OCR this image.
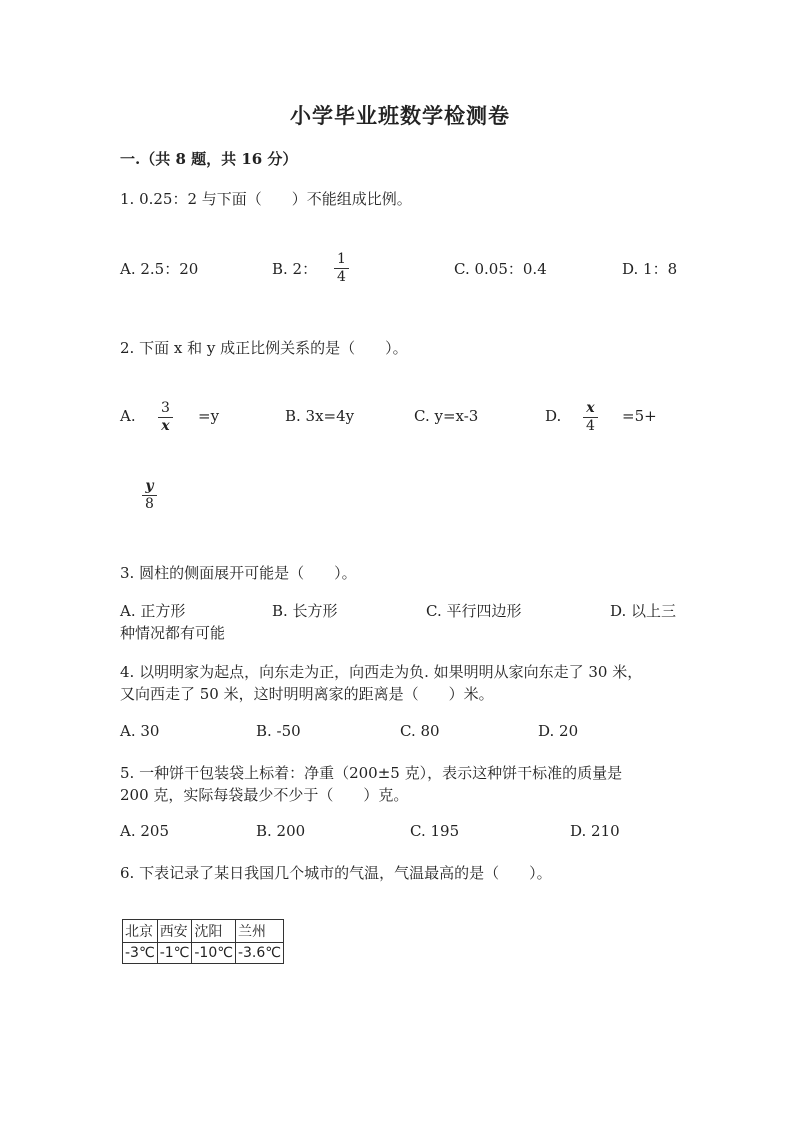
小学毕业班数学检测卷
一.（共 8 题，共 16 分）
1. 0.25：2 与下面（　　）不能组成比例。
A. 2.5：20	B. 2： $\frac{1}{4}$	C. 0.05：0.4	D. 1：8
2. 下面 x 和 y 成正比例关系的是（　　）。
A. $\frac{3}{x} =y$	B. 3x=4y	C. y=x-3	D. $\frac{x}{4} =5+$
$\frac{y}{8}$
3. 圆柱的侧面展开可能是（　　）。
A. 正方形	B. 长方形	C. 平行四边形	D. 以上三
种情况都有可能
4. 以明明家为起点，向东走为正，向西走为负. 如果明明从家向东走了 30 米，
又向西走了 50 米，这时明明离家的距离是（　　）米。
A. 30	B. -50	C. 80	D. 20
5. 一种饼干包装袋上标着：净重（200±5 克），表示这种饼干标准的质量是
200 克，实际每袋最少不少于（　　）克。
A. 205	B. 200	C. 195	D. 210
6. 下表记录了某日我国几个城市的气温，气温最高的是（　　）。
北京	西安	沈阳	兰州
-3℃	-1℃	-10℃	-3.6℃
